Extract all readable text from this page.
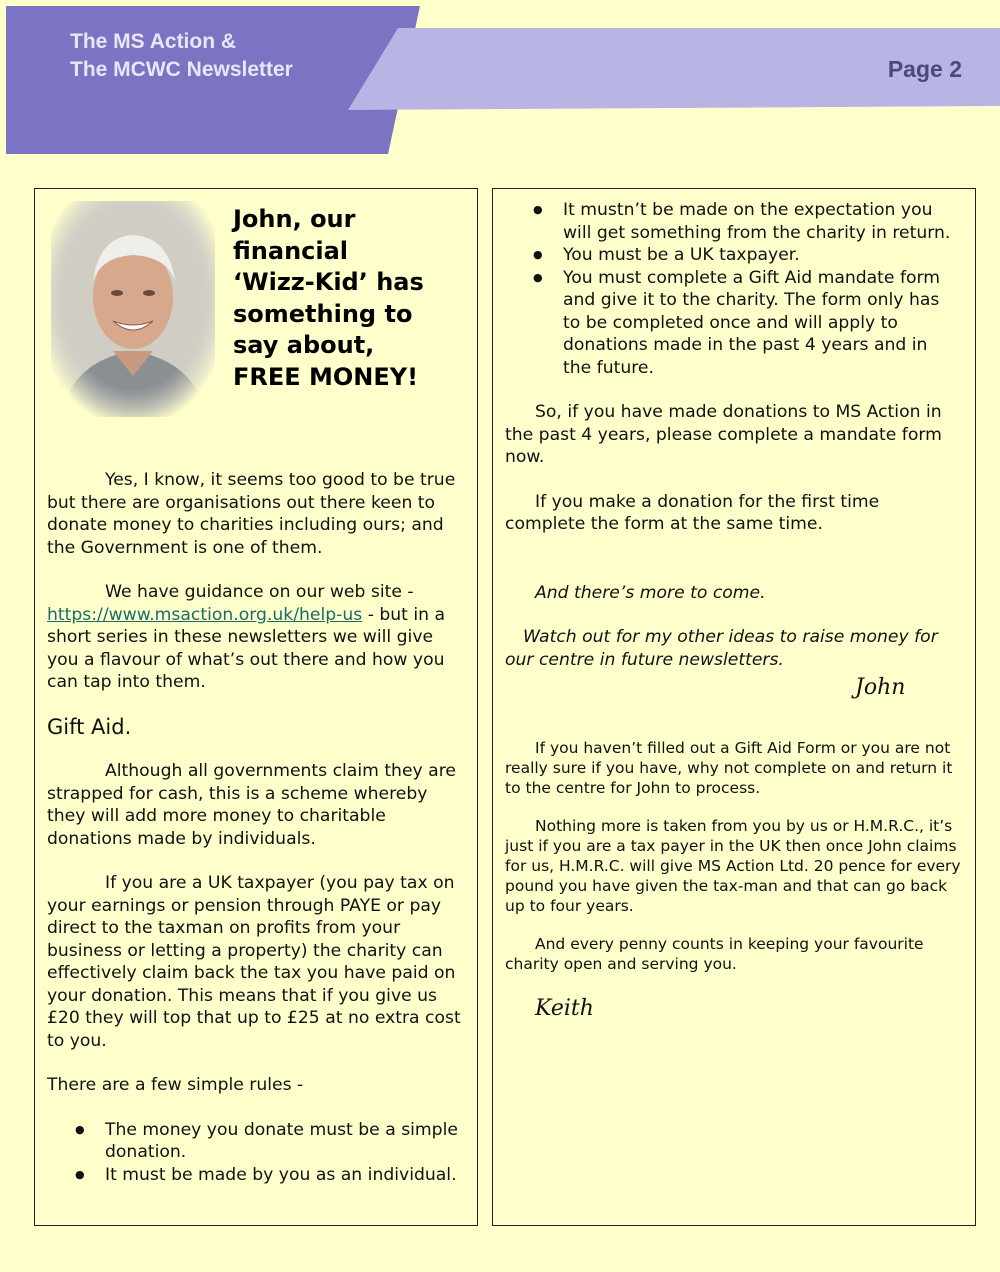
The MS Action &
The MCWC Newsletter	Page 2

John, our

financial

‘Wizz-Kid’ has

something to

say about,

FREE MONEY!

Yes, I know, it seems too good to be true but there are organisations out there keen to donate money to charities including ours; and the Government is one of them.

We have guidance on our web site - https://www.msaction.org.uk/help-us - but in a short series in these newsletters we will give you a flavour of what’s out there and how you can tap into them.

Gift Aid.

Although all governments claim they are strapped for cash, this is a scheme whereby they will add more money to charitable donations made by individuals.

If you are a UK taxpayer (you pay tax on your earnings or pension through PAYE or pay direct to the taxman on profits from your business or letting a property) the charity can effectively claim back the tax you have paid on your donation. This means that if you give us £20 they will top that up to £25 at no extra cost to you.

There are a few simple rules -

● The money you donate must be a simple donation.
● It must be made by you as an individual.
● It mustn’t be made on the expectation you will get something from the charity in return.
● You must be a UK taxpayer.
● You must complete a Gift Aid mandate form and give it to the charity. The form only has to be completed once and will apply to donations made in the past 4 years and in the future.

So, if you have made donations to MS Action in the past 4 years, please complete a mandate form now.

If you make a donation for the first time complete the form at the same time.

And there’s more to come.

Watch out for my other ideas to raise money for our centre in future newsletters.

John

If you haven’t filled out a Gift Aid Form or you are not really sure if you have, why not complete on and return it to the centre for John to process.

Nothing more is taken from you by us or H.M.R.C., it’s just if you are a tax payer in the UK then once John claims for us, H.M.R.C. will give MS Action Ltd. 20 pence for every pound you have given the tax-man and that can go back up to four years.

And every penny counts in keeping your favourite charity open and serving you.

Keith
